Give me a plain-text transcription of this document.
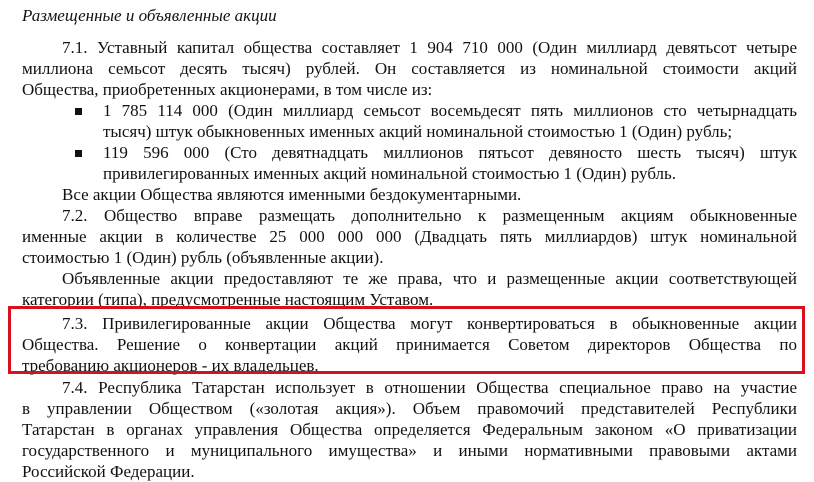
Размещенные и объявленные акции
7.1. Уставный капитал общества составляет 1 904 710 000 (Один миллиард девятьсот четыре
миллиона семьсот десять тысяч) рублей. Он составляется из номинальной стоимости акций
Общества, приобретенных акционерами, в том числе из:
1 785 114 000 (Один миллиард семьсот восемьдесят пять миллионов сто четырнадцать
тысяч) штук обыкновенных именных акций номинальной стоимостью 1 (Один) рубль;
119 596 000 (Сто девятнадцать миллионов пятьсот девяносто шесть тысяч) штук
привилегированных именных акций номинальной стоимостью 1 (Один) рубль.
Все акции Общества являются именными бездокументарными.
7.2. Общество вправе размещать дополнительно к размещенным акциям обыкновенные
именные акции в количестве 25 000 000 000 (Двадцать пять миллиардов) штук номинальной
стоимостью 1 (Один) рубль (объявленные акции).
Объявленные акции предоставляют те же права, что и размещенные акции соответствующей
категории (типа), предусмотренные настоящим Уставом.
7.3. Привилегированные акции Общества могут конвертироваться в обыкновенные акции
Общества. Решение о конвертации акций принимается Советом директоров Общества по
требованию акционеров - их владельцев.
7.4. Республика Татарстан использует в отношении Общества специальное право на участие
в управлении Обществом («золотая акция»). Объем правомочий представителей Республики
Татарстан в органах управления Общества определяется Федеральным законом «О приватизации
государственного и муниципального имущества» и иными нормативными правовыми актами
Российской Федерации.
